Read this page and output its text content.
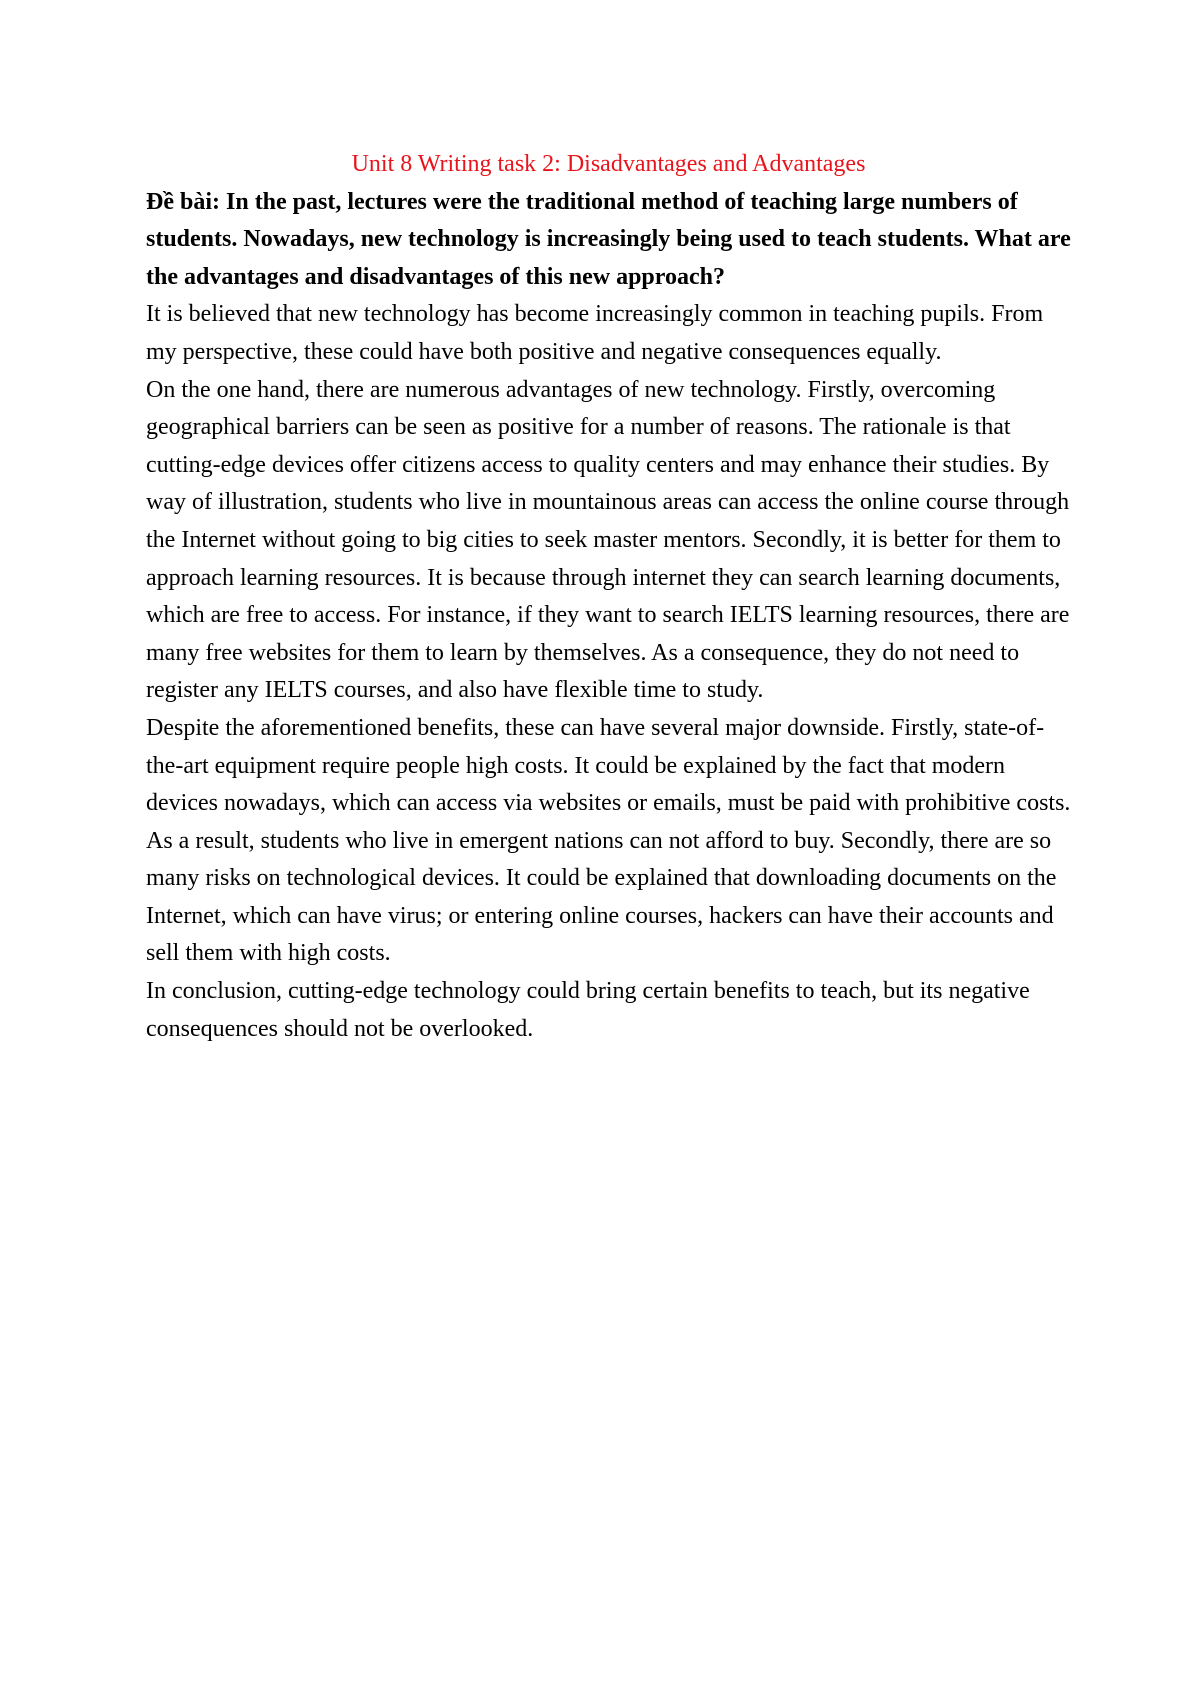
Unit 8 Writing task 2: Disadvantages and Advantages

Đề bài: In the past, lectures were the traditional method of teaching large numbers of students. Nowadays, new technology is increasingly being used to teach students. What are the advantages and disadvantages of this new approach?

It is believed that new technology has become increasingly common in teaching pupils. From my perspective, these could have both positive and negative consequences equally.

On the one hand, there are numerous advantages of new technology. Firstly, overcoming geographical barriers can be seen as positive for a number of reasons. The rationale is that cutting-edge devices offer citizens access to quality centers and may enhance their studies. By way of illustration, students who live in mountainous areas can access the online course through the Internet without going to big cities to seek master mentors. Secondly, it is better for them to approach learning resources. It is because through internet they can search learning documents, which are free to access. For instance, if they want to search IELTS learning resources, there are many free websites for them to learn by themselves. As a consequence, they do not need to register any IELTS courses, and also have flexible time to study.

Despite the aforementioned benefits, these can have several major downside. Firstly, state-of-the-art equipment require people high costs. It could be explained by the fact that modern devices nowadays, which can access via websites or emails, must be paid with prohibitive costs. As a result, students who live in emergent nations can not afford to buy. Secondly, there are so many risks on technological devices. It could be explained that downloading documents on the Internet, which can have virus; or entering online courses, hackers can have their accounts and sell them with high costs.

In conclusion, cutting-edge technology could bring certain benefits to teach, but its negative consequences should not be overlooked.
